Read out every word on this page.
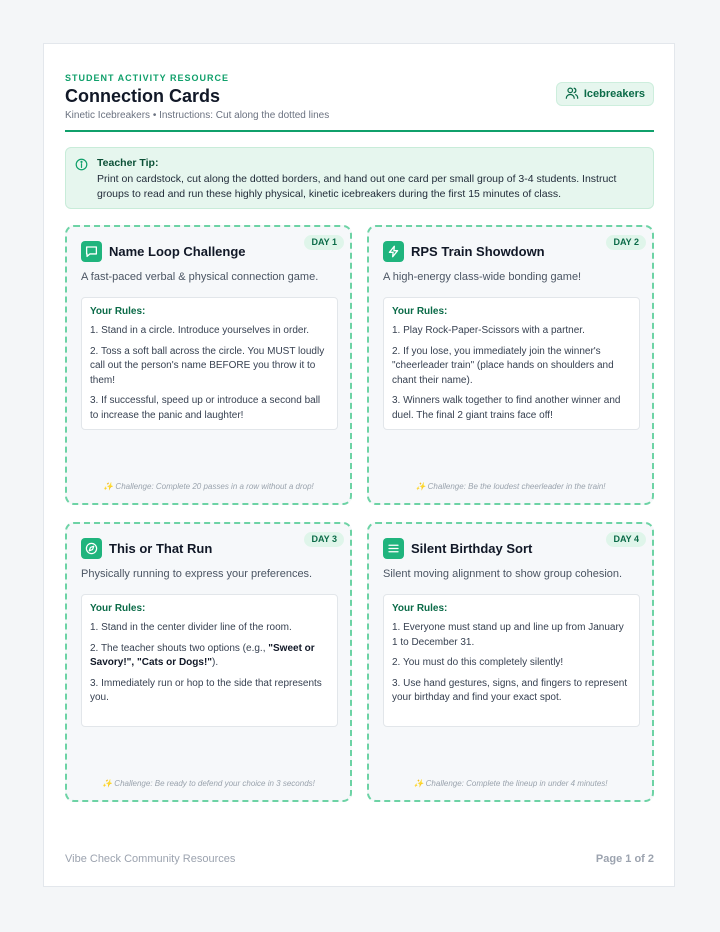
STUDENT ACTIVITY RESOURCE
Connection Cards
Kinetic Icebreakers • Instructions: Cut along the dotted lines
Icebreakers
Teacher Tip:
Print on cardstock, cut along the dotted borders, and hand out one card per small group of 3-4 students. Instruct groups to read and run these highly physical, kinetic icebreakers during the first 15 minutes of class.
DAY 1
Name Loop Challenge
A fast-paced verbal & physical connection game.
Your Rules:
1. Stand in a circle. Introduce yourselves in order.
2. Toss a soft ball across the circle. You MUST loudly call out the person's name BEFORE you throw it to them!
3. If successful, speed up or introduce a second ball to increase the panic and laughter!
✨ Challenge: Complete 20 passes in a row without a drop!
DAY 2
RPS Train Showdown
A high-energy class-wide bonding game!
Your Rules:
1. Play Rock-Paper-Scissors with a partner.
2. If you lose, you immediately join the winner's "cheerleader train" (place hands on shoulders and chant their name).
3. Winners walk together to find another winner and duel. The final 2 giant trains face off!
✨ Challenge: Be the loudest cheerleader in the train!
DAY 3
This or That Run
Physically running to express your preferences.
Your Rules:
1. Stand in the center divider line of the room.
2. The teacher shouts two options (e.g., "Sweet or Savory!", "Cats or Dogs!").
3. Immediately run or hop to the side that represents you.
✨ Challenge: Be ready to defend your choice in 3 seconds!
DAY 4
Silent Birthday Sort
Silent moving alignment to show group cohesion.
Your Rules:
1. Everyone must stand up and line up from January 1 to December 31.
2. You must do this completely silently!
3. Use hand gestures, signs, and fingers to represent your birthday and find your exact spot.
✨ Challenge: Complete the lineup in under 4 minutes!
Vibe Check Community Resources	Page 1 of 2
